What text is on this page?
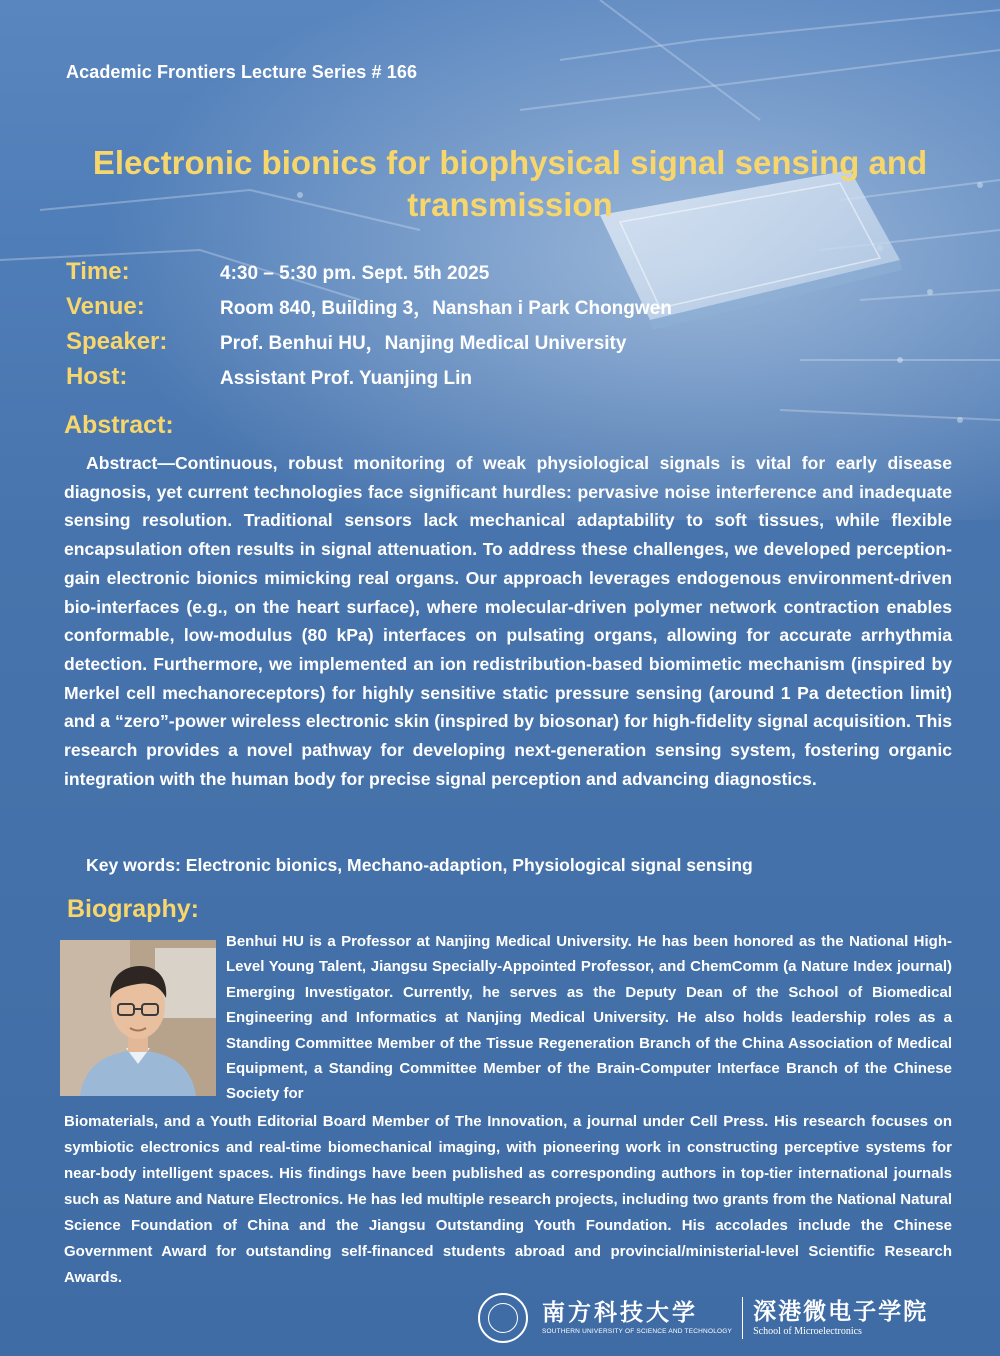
Academic Frontiers Lecture Series # 166

Electronic bionics for biophysical signal sensing and transmission
Time:	4:30 – 5:30 pm. Sept. 5th 2025
Venue:	Room 840, Building 3，Nanshan i Park Chongwen
Speaker:	Prof. Benhui HU，Nanjing Medical University
Host:	Assistant Prof. Yuanjing Lin
Abstract:

Abstract—Continuous, robust monitoring of weak physiological signals is vital for early disease diagnosis, yet current technologies face significant hurdles: pervasive noise interference and inadequate sensing resolution. Traditional sensors lack mechanical adaptability to soft tissues, while flexible encapsulation often results in signal attenuation. To address these challenges, we developed perception-gain electronic bionics mimicking real organs. Our approach leverages endogenous environment-driven bio-interfaces (e.g., on the heart surface), where molecular-driven polymer network contraction enables conformable, low-modulus (80 kPa) interfaces on pulsating organs, allowing for accurate arrhythmia detection. Furthermore, we implemented an ion redistribution-based biomimetic mechanism (inspired by Merkel cell mechanoreceptors) for highly sensitive static pressure sensing (around 1 Pa detection limit) and a “zero”-power wireless electronic skin (inspired by biosonar) for high-fidelity signal acquisition. This research provides a novel pathway for developing next-generation sensing system, fostering organic integration with the human body for precise signal perception and advancing diagnostics.

Key words: Electronic bionics, Mechano-adaption, Physiological signal sensing

Biography:

Benhui HU is a Professor at Nanjing Medical University. He has been honored as the National High-Level Young Talent, Jiangsu Specially-Appointed Professor, and ChemComm (a Nature Index journal) Emerging Investigator. Currently, he serves as the Deputy Dean of the School of Biomedical Engineering and Informatics at Nanjing Medical University. He also holds leadership roles as a Standing Committee Member of the Tissue Regeneration Branch of the China Association of Medical Equipment, a Standing Committee Member of the Brain-Computer Interface Branch of the Chinese Society for

Biomaterials, and a Youth Editorial Board Member of The Innovation, a journal under Cell Press. His research focuses on symbiotic electronics and real-time biomechanical imaging, with pioneering work in constructing perceptive systems for near-body intelligent spaces. His findings have been published as corresponding authors in top-tier international journals such as Nature and Nature Electronics. He has led multiple research projects, including two grants from the National Natural Science Foundation of China and the Jiangsu Outstanding Youth Foundation. His accolades include the Chinese Government Award for outstanding self-financed students abroad and provincial/ministerial-level Scientific Research Awards.

南方科技大学
SOUTHERN UNIVERSITY OF SCIENCE AND TECHNOLOGY
深港微电子学院
School of Microelectronics
